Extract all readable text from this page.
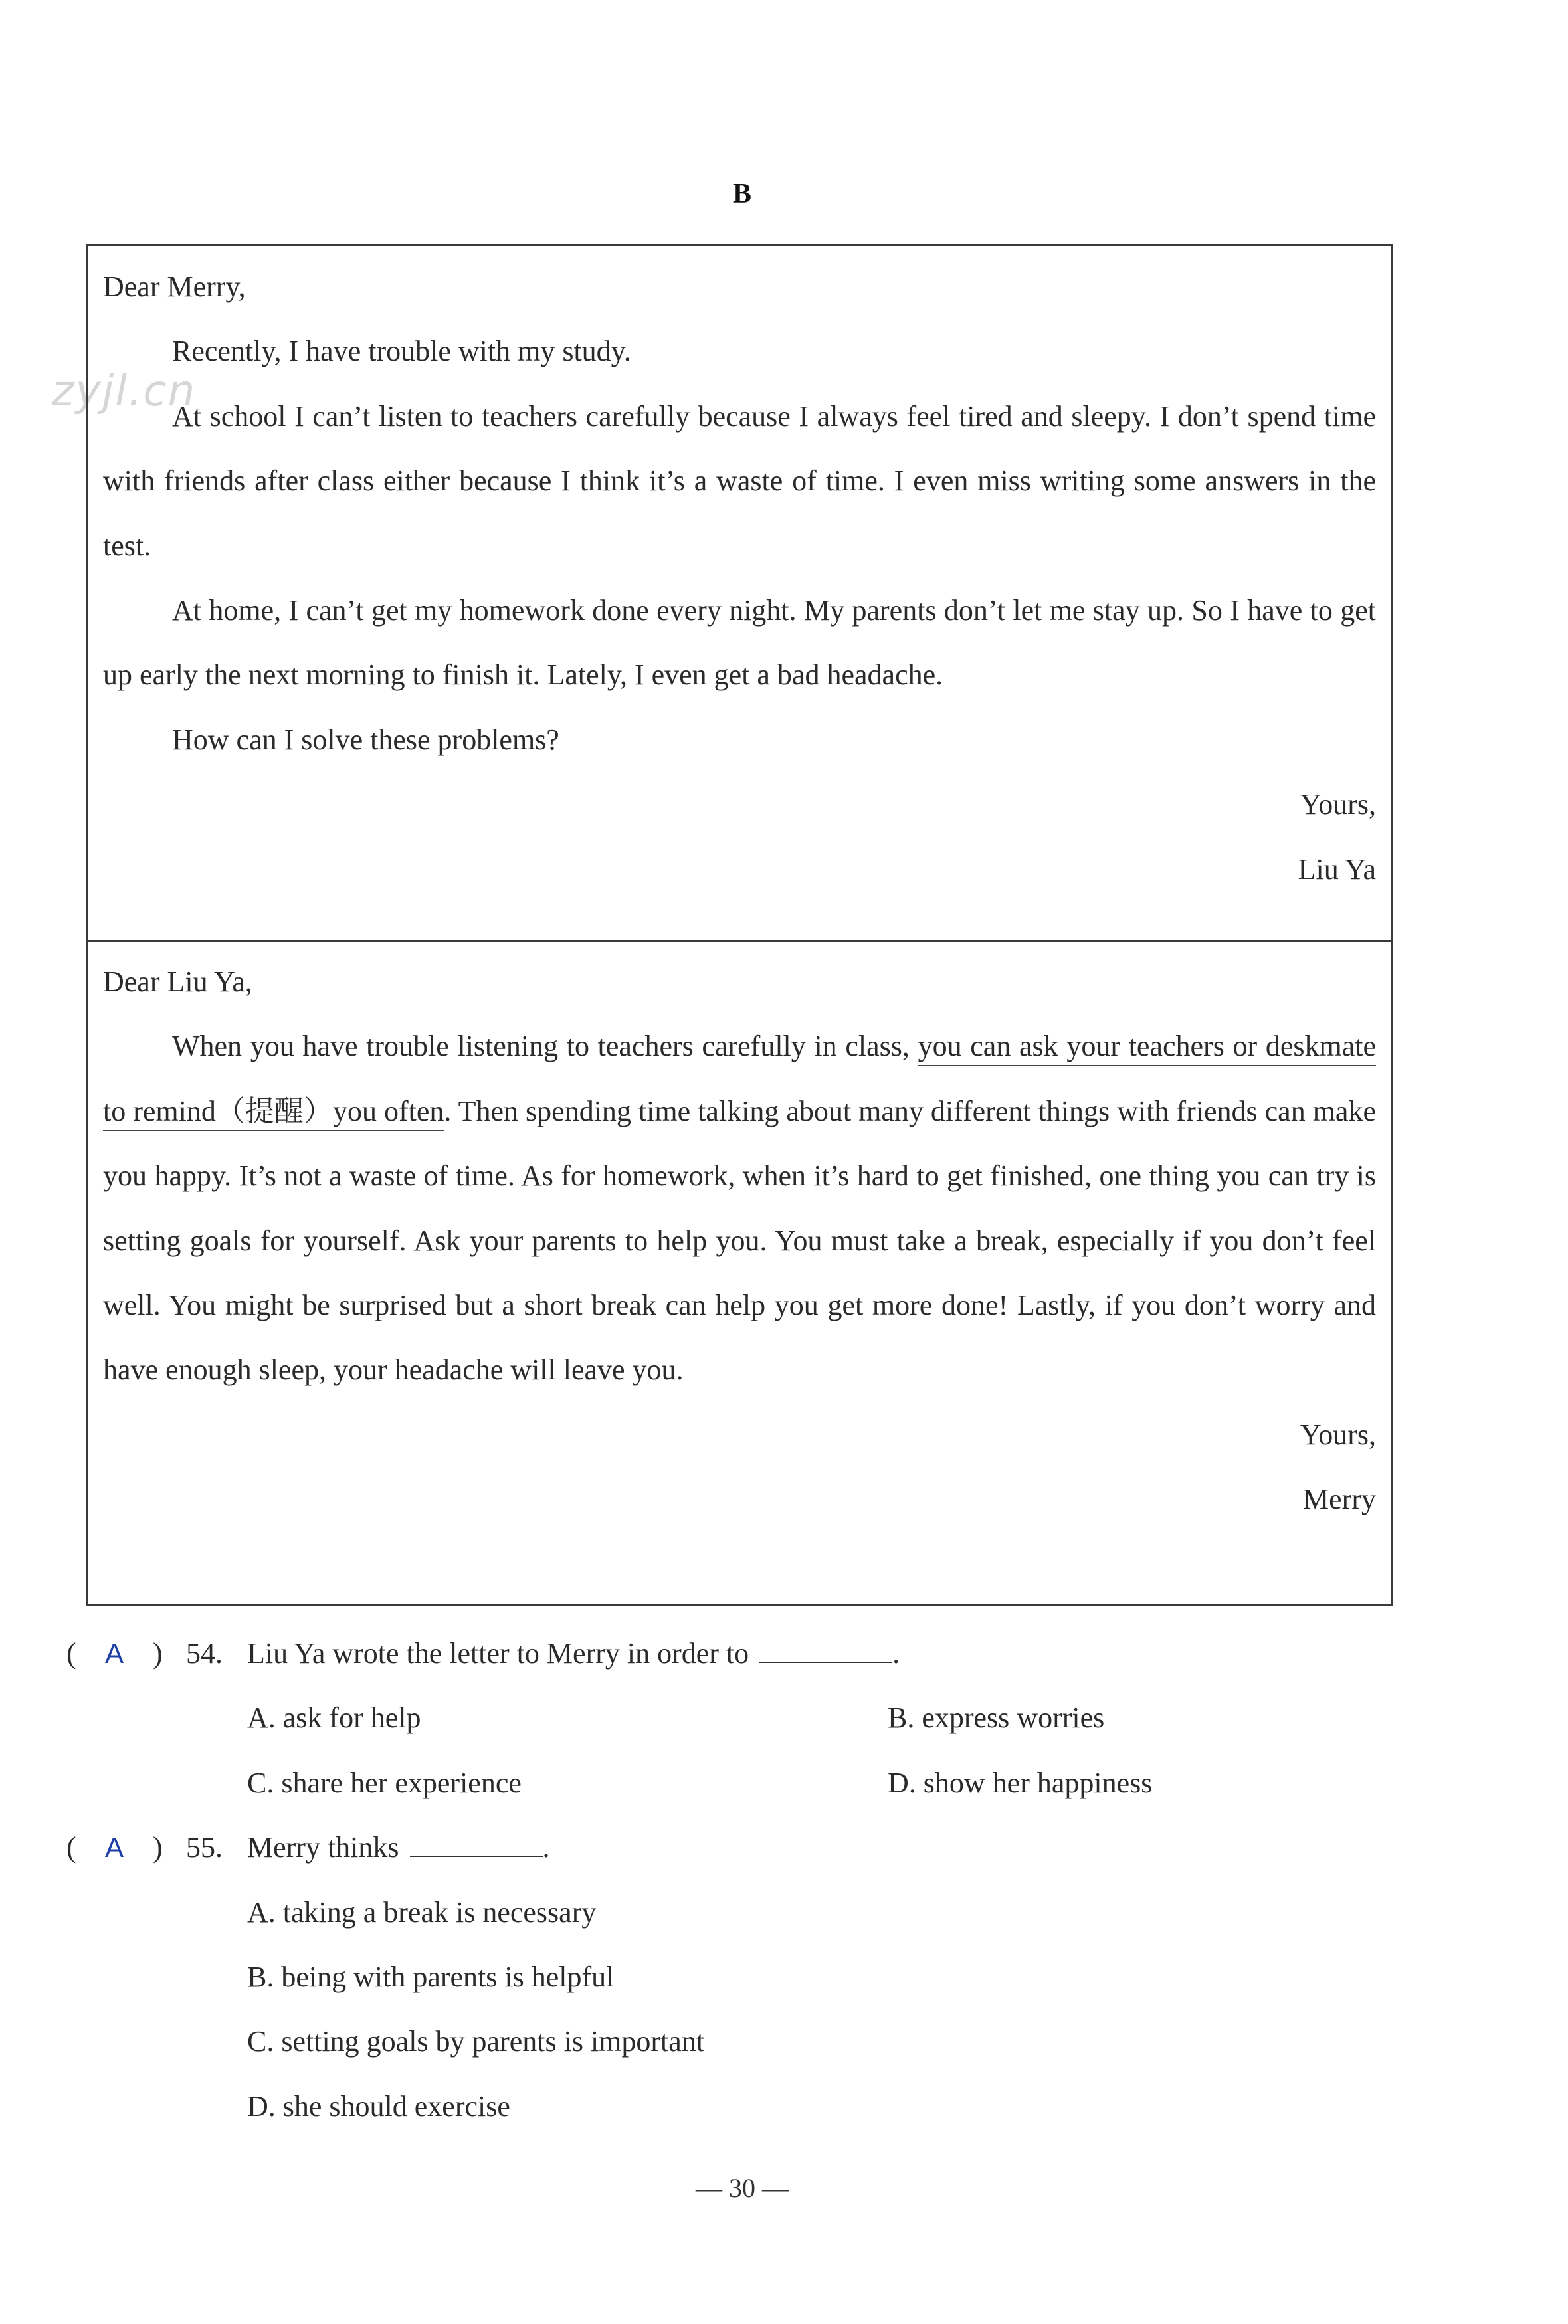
B
zyjl.cn

Dear Merry,

Recently, I have trouble with my study.

At school I can’t listen to teachers carefully because I always feel tired and sleepy. I don’t spend time with friends after class either because I think it’s a waste of time. I even miss writing some answers in the test.

At home, I can’t get my homework done every night. My parents don’t let me stay up. So I have to get up early the next morning to finish it. Lately, I even get a bad headache.

How can I solve these problems?

Yours,

Liu Ya

Dear Liu Ya,

When you have trouble listening to teachers carefully in class, you can ask your teachers or deskmate to remind（提醒）you often. Then spending time talking about many different things with friends can make you happy. It’s not a waste of time. As for homework, when it’s hard to get finished, one thing you can try is setting goals for yourself. Ask your parents to help you. You must take a break, especially if you don’t feel well. You might be surprised but a short break can help you get more done! Lastly, if you don’t worry and have enough sleep, your headache will leave you.

Yours,

Merry

( A ) 54. Liu Ya wrote the letter to Merry in order to	.
A. ask for help	B. express worries
C. share her experience	D. show her happiness
( A ) 55. Merry thinks	.
A. taking a break is necessary
B. being with parents is helpful
C. setting goals by parents is important
D. she should exercise
— 30 —
